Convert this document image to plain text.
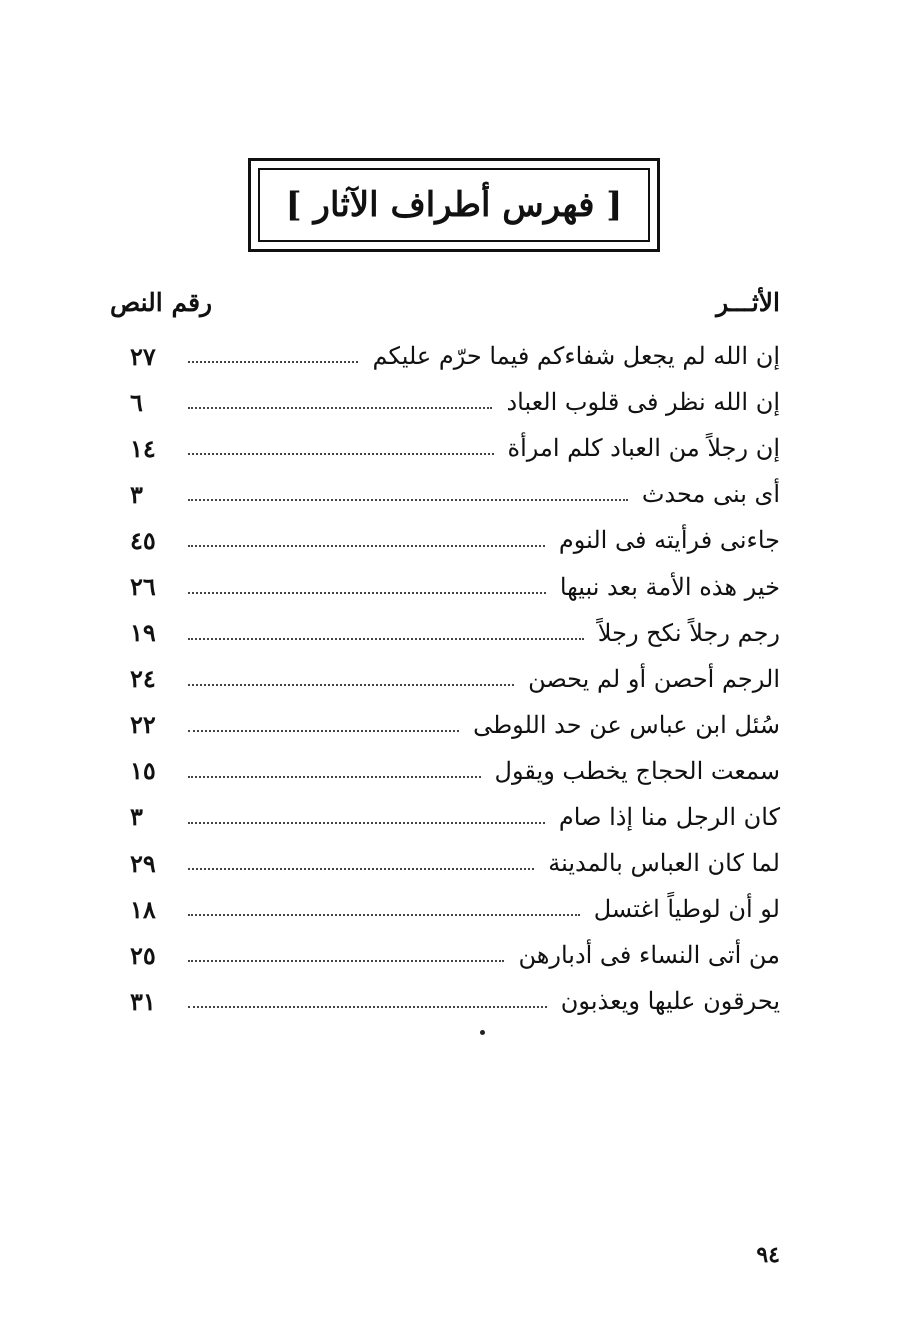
[ فهرس أطراف الآثار ]
الأثـــر
رقم النص
إن الله لم يجعل شفاءكم فيما حرّم عليكم
٢٧
إن الله نظر فى قلوب العباد
٦
إن رجلاً من العباد كلم امرأة
١٤
أى بنى محدث
٣
جاءنى فرأيته فى النوم
٤٥
خير هذه الأمة بعد نبيها
٢٦
رجم رجلاً نكح رجلاً
١٩
الرجم أحصن أو لم يحصن
٢٤
سُئل ابن عباس عن حد اللوطى
٢٢
سمعت الحجاج يخطب ويقول
١٥
كان الرجل منا إذا صام
٣
لما كان العباس بالمدينة
٢٩
لو أن لوطياً اغتسل
١٨
من أتى النساء فى أدبارهن
٢٥
يحرقون عليها ويعذبون
٣١
٩٤
